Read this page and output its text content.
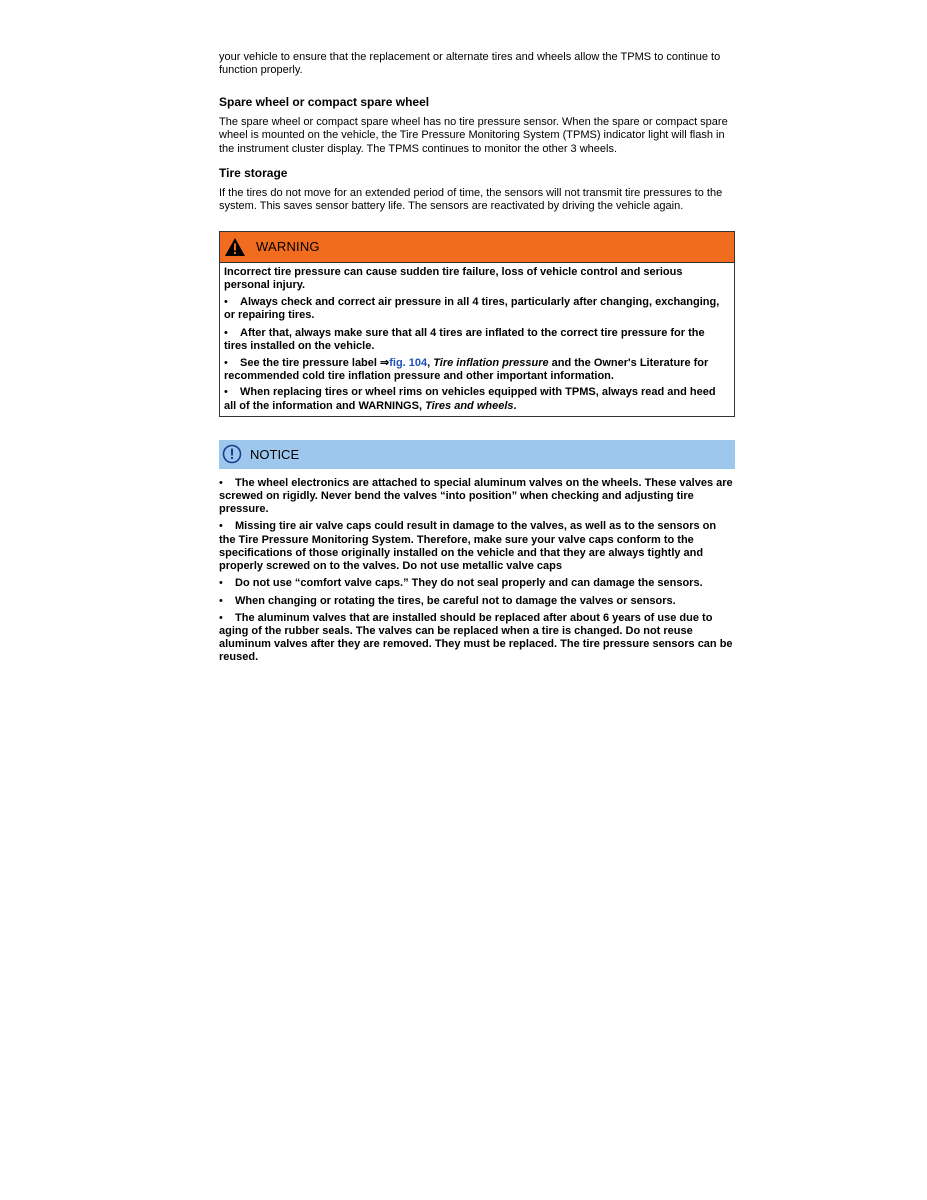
your vehicle to ensure that the replacement or alternate tires and wheels allow the TPMS to continue to function properly.

Spare wheel or compact spare wheel

The spare wheel or compact spare wheel has no tire pressure sensor. When the spare or compact spare wheel is mounted on the vehicle, the Tire Pressure Monitoring System (TPMS) indicator light will flash in the instrument cluster display. The TPMS continues to monitor the other 3 wheels.

Tire storage

If the tires do not move for an extended period of time, the sensors will not transmit tire pressures to the system. This saves sensor battery life. The sensors are reactivated by driving the vehicle again.

WARNING

Incorrect tire pressure can cause sudden tire failure, loss of vehicle control and serious personal injury.

• Always check and correct air pressure in all 4 tires, particularly after changing, exchanging, or repairing tires.

• After that, always make sure that all 4 tires are inflated to the correct tire pressure for the tires installed on the vehicle.

• See the tire pressure label ⇒fig. 104, Tire inflation pressure and the Owner's Literature for recommended cold tire inflation pressure and other important information.

• When replacing tires or wheel rims on vehicles equipped with TPMS, always read and heed all of the information and WARNINGS, Tires and wheels.

NOTICE

• The wheel electronics are attached to special aluminum valves on the wheels. These valves are screwed on rigidly. Never bend the valves “into position” when checking and adjusting tire pressure.

• Missing tire air valve caps could result in damage to the valves, as well as to the sensors on the Tire Pressure Monitoring System. Therefore, make sure your valve caps conform to the specifications of those originally installed on the vehicle and that they are always tightly and properly screwed on to the valves. Do not use metallic valve caps

• Do not use “comfort valve caps.” They do not seal properly and can damage the sensors.

• When changing or rotating the tires, be careful not to damage the valves or sensors.

• The aluminum valves that are installed should be replaced after about 6 years of use due to aging of the rubber seals. The valves can be replaced when a tire is changed. Do not reuse aluminum valves after they are removed. They must be replaced. The tire pressure sensors can be reused.
